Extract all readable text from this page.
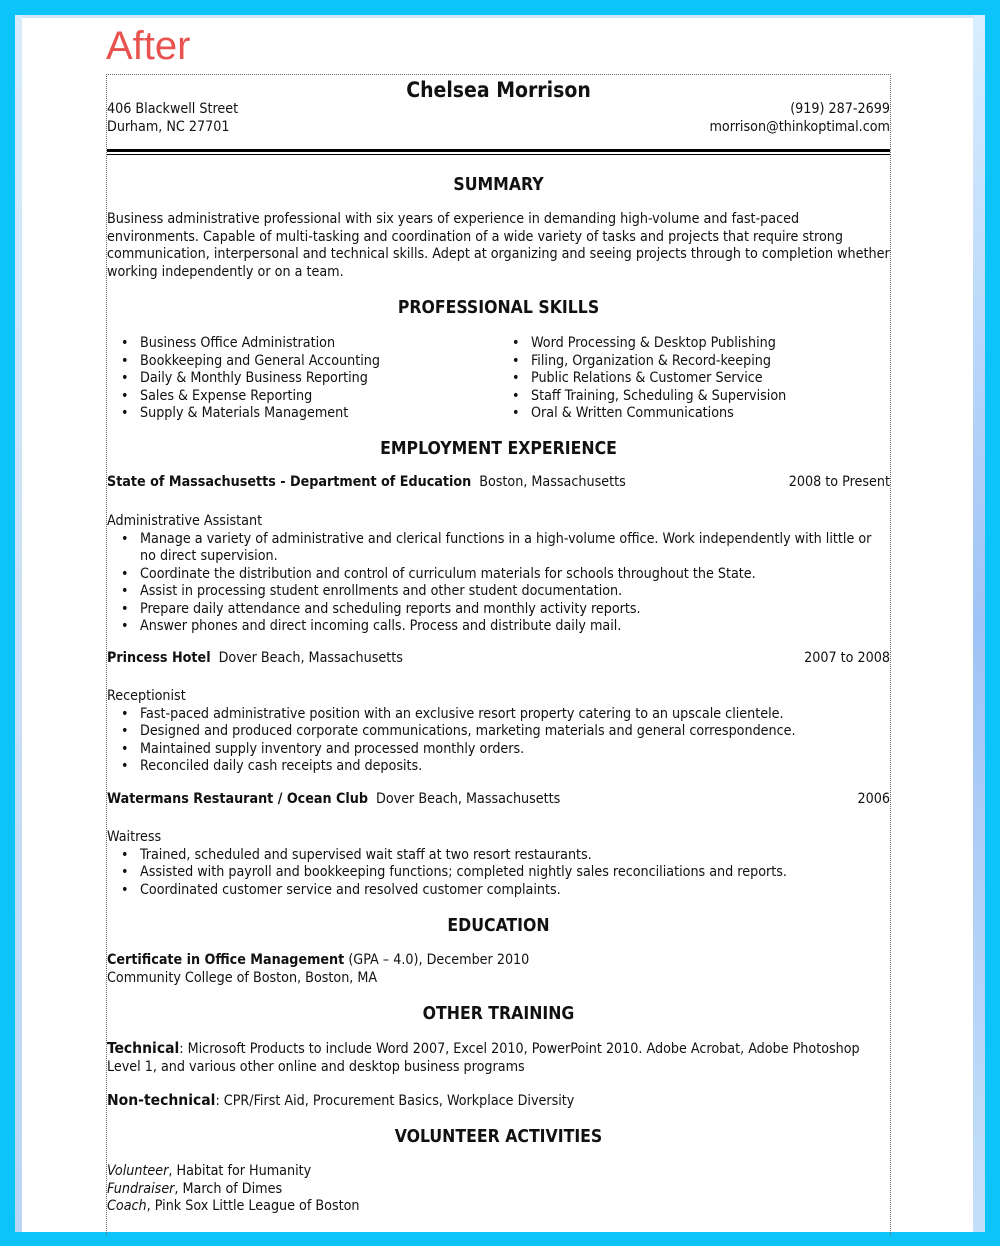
After
Chelsea Morrison
406 Blackwell Street
Durham, NC 27701
(919) 287-2699
morrison@thinkoptimal.com
SUMMARY

Business administrative professional with six years of experience in demanding high-volume and fast-paced environments. Capable of multi-tasking and coordination of a wide variety of tasks and projects that require strong communication, interpersonal and technical skills. Adept at organizing and seeing projects through to completion whether working independently or on a team.

PROFESSIONAL SKILLS
• Business Office Administration
• Bookkeeping and General Accounting
• Daily & Monthly Business Reporting
• Sales & Expense Reporting
• Supply & Materials Management
• Word Processing & Desktop Publishing
• Filing, Organization & Record-keeping
• Public Relations & Customer Service
• Staff Training, Scheduling & Supervision
• Oral & Written Communications
EMPLOYMENT EXPERIENCE
State of Massachusetts - Department of Education Boston, Massachusetts	2008 to Present
Administrative Assistant
• Manage a variety of administrative and clerical functions in a high-volume office. Work independently with little or no direct supervision.
• Coordinate the distribution and control of curriculum materials for schools throughout the State.
• Assist in processing student enrollments and other student documentation.
• Prepare daily attendance and scheduling reports and monthly activity reports.
• Answer phones and direct incoming calls. Process and distribute daily mail.
Princess Hotel Dover Beach, Massachusetts	2007 to 2008
Receptionist
• Fast-paced administrative position with an exclusive resort property catering to an upscale clientele.
• Designed and produced corporate communications, marketing materials and general correspondence.
• Maintained supply inventory and processed monthly orders.
• Reconciled daily cash receipts and deposits.
Watermans Restaurant / Ocean Club Dover Beach, Massachusetts	2006
Waitress
• Trained, scheduled and supervised wait staff at two resort restaurants.
• Assisted with payroll and bookkeeping functions; completed nightly sales reconciliations and reports.
• Coordinated customer service and resolved customer complaints.
EDUCATION
Certificate in Office Management (GPA – 4.0), December 2010
Community College of Boston, Boston, MA
OTHER TRAINING
Technical: Microsoft Products to include Word 2007, Excel 2010, PowerPoint 2010. Adobe Acrobat, Adobe Photoshop Level 1, and various other online and desktop business programs
Non-technical: CPR/First Aid, Procurement Basics, Workplace Diversity
VOLUNTEER ACTIVITIES
Volunteer, Habitat for Humanity
Fundraiser, March of Dimes
Coach, Pink Sox Little League of Boston
